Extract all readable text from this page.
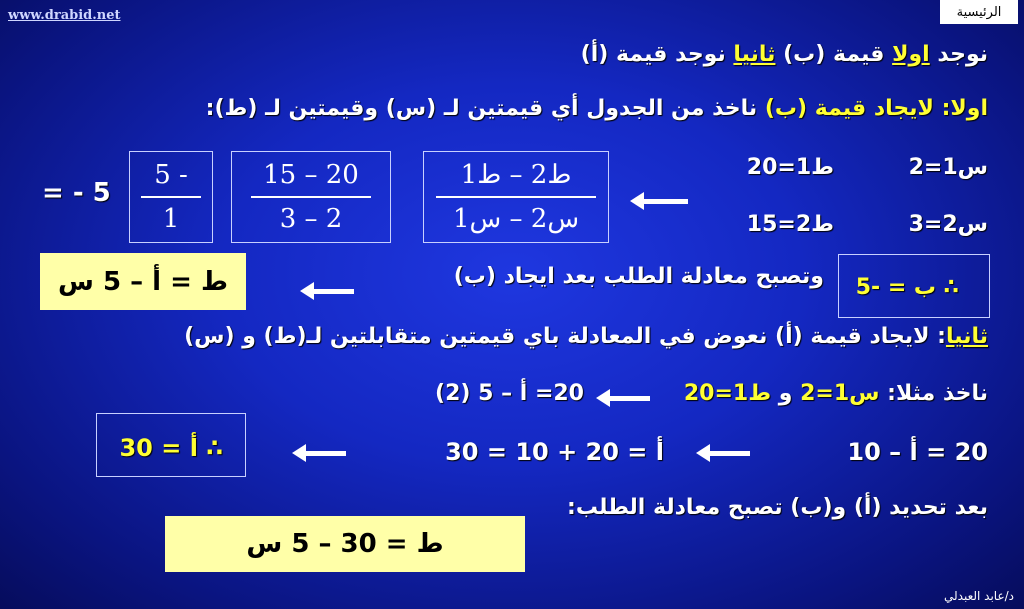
www.drabid.net	الرئيسية
نوجد اولا قيمة (ب) ثانيا نوجد قيمة (أ)
اولا: لايجاد قيمة (ب) ناخذ من الجدول أي قيمتين لـ (س) وقيمتين لـ (ط):
س1=2
ط1=20
س2=3
ط2=15
ط2 – ط1
س2 – س1
15 – 20
3 – 2
5 -
1
= - 5
∴ ب = -5
وتصبح معادلة الطلب بعد ايجاد (ب)
ط = أ – 5 س
ثانيا: لايجاد قيمة (أ) نعوض في المعادلة باي قيمتين متقابلتين لـ(ط) و (س)
ناخذ مثلا: س1=2 و ط1=20
20= أ – 5 (2)
20 = أ – 10
أ = 20 + 10 = 30
∴ أ = 30
بعد تحديد (أ) و(ب) تصبح معادلة الطلب:
ط = 30 – 5 س
د/عابد العبدلي
